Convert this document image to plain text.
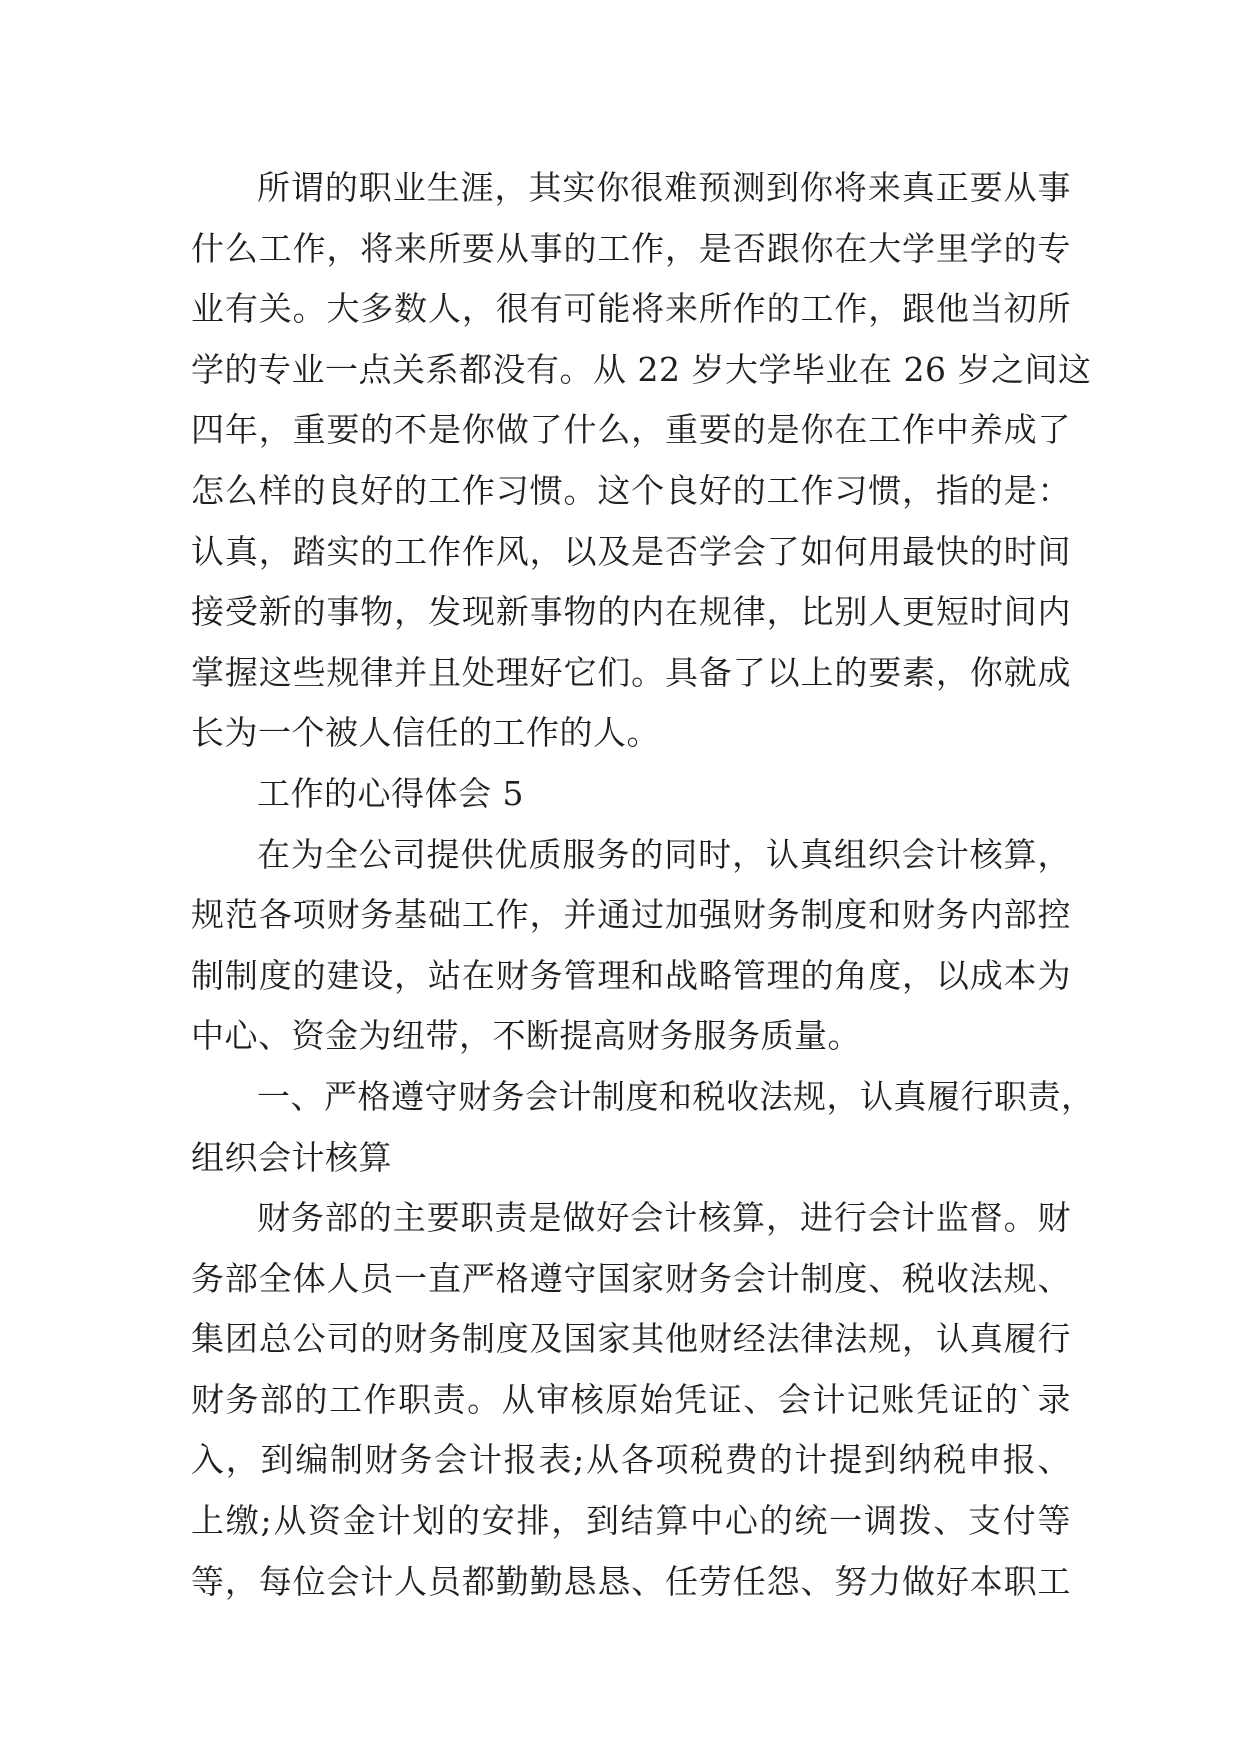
所谓的职业生涯，其实你很难预测到你将来真正要从事
什么工作，将来所要从事的工作，是否跟你在大学里学的专
业有关。大多数人，很有可能将来所作的工作，跟他当初所
学的专业一点关系都没有。从 22 岁大学毕业在 26 岁之间这
四年，重要的不是你做了什么，重要的是你在工作中养成了
怎么样的良好的工作习惯。这个良好的工作习惯，指的是：
认真，踏实的工作作风，以及是否学会了如何用最快的时间
接受新的事物，发现新事物的内在规律，比别人更短时间内
掌握这些规律并且处理好它们。具备了以上的要素，你就成
长为一个被人信任的工作的人。
工作的心得体会 5
在为全公司提供优质服务的同时，认真组织会计核算，
规范各项财务基础工作，并通过加强财务制度和财务内部控
制制度的建设，站在财务管理和战略管理的角度，以成本为
中心、资金为纽带，不断提高财务服务质量。
一、严格遵守财务会计制度和税收法规，认真履行职责，
组织会计核算
财务部的主要职责是做好会计核算，进行会计监督。财
务部全体人员一直严格遵守国家财务会计制度、税收法规、
集团总公司的财务制度及国家其他财经法律法规，认真履行
财务部的工作职责。从审核原始凭证、会计记账凭证的`录
入，到编制财务会计报表;从各项税费的计提到纳税申报、
上缴;从资金计划的安排，到结算中心的统一调拨、支付等
等，每位会计人员都勤勤恳恳、任劳任怨、努力做好本职工
